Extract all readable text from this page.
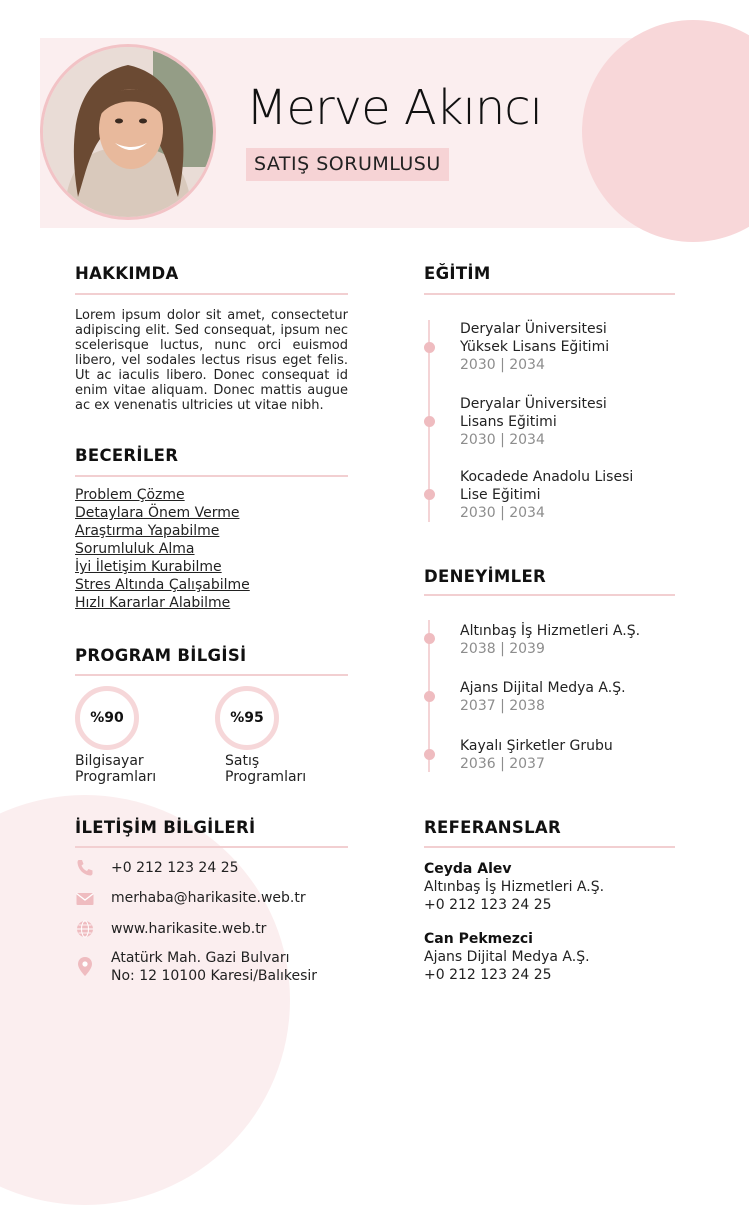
Merve Akıncı
SATIŞ SORUMLUSU
HAKKIMDA
Lorem ipsum dolor sit amet, consectetur adipiscing elit. Sed consequat, ipsum nec scelerisque luctus, nunc orci euismod libero, vel sodales lectus risus eget felis. Ut ac iaculis libero. Donec consequat id enim vitae aliquam. Donec mattis augue ac ex venenatis ultricies ut vitae nibh.
BECERİLER
Problem Çözme
Detaylara Önem Verme
Araştırma Yapabilme
Sorumluluk Alma
İyi İletişim Kurabilme
Stres Altında Çalışabilme
Hızlı Kararlar Alabilme
PROGRAM BİLGİSİ
%90
Bilgisayar
Programları
%95
Satış
Programları
İLETİŞİM BİLGİLERİ
+0 212 123 24 25
merhaba@harikasite.web.tr
www.harikasite.web.tr
Atatürk Mah. Gazi Bulvarı
No: 12 10100 Karesi/Balıkesir
EĞİTİM
Deryalar Üniversitesi
Yüksek Lisans Eğitimi
2030 | 2034
Deryalar Üniversitesi
Lisans Eğitimi
2030 | 2034
Kocadede Anadolu Lisesi
Lise Eğitimi
2030 | 2034
DENEYİMLER
Altınbaş İş Hizmetleri A.Ş.
2038 | 2039
Ajans Dijital Medya A.Ş.
2037 | 2038
Kayalı Şirketler Grubu
2036 | 2037
REFERANSLAR
Ceyda Alev
Altınbaş İş Hizmetleri A.Ş.
+0 212 123 24 25
Can Pekmezci
Ajans Dijital Medya A.Ş.
+0 212 123 24 25
